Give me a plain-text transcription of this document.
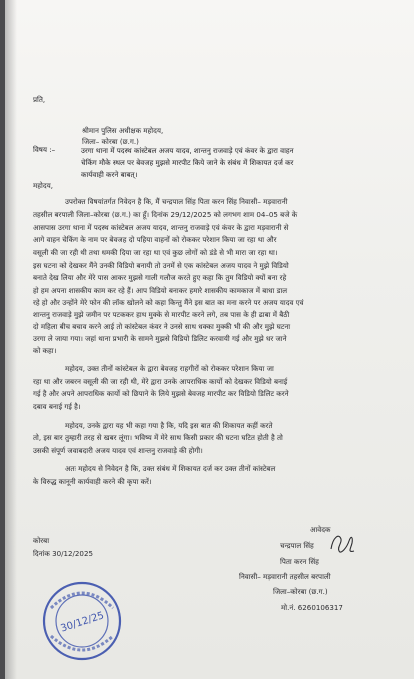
प्रति,
श्रीमान पुलिस अधीक्षक महोदय,
जिला– कोरबा (छ.ग.)
विषय :–	उरगा थाना में पदस्थ कांस्टेबल अजय यादव, शान्तनु राजवाड़े एवं कंवर के द्वारा वाहन
चेकिंग मौके स्थल पर बेवजह मुझसे मारपीट किये जाने के संबंध में शिकायत दर्ज कर
कार्यवाही करने बाबत्।
महोदय,
उपरोक्त विषयांतर्गत निवेदन है कि, मैं चन्द्रपाल सिंह पिता करन सिंह निवासी– मड़वारानी
तहसील बरपाली जिला–कोरबा (छ.ग.) का हूँ। दिनांक 29/12/2025 को लगभग शाम 04–05 बजे के
आसपास उरगा थाना में पदस्थ कांस्टेबल अजय यादव, शान्तनु राजवाड़े एवं कंवर के द्वारा मड़वारानी से
आगे वाहन चेकिंग के नाम पर बेवजह दो पहिया वाहनों को रोककर परेशान किया जा रहा था और
वसूली की जा रही थी तथा धमकी दिया जा रहा था एवं कुछ लोगों को डंडे से भी मारा जा रहा था।
इस घटना को देखकर मैंने उनकी विडियो बनायी तो उनमें से एक कांस्टेबल अजय यादव ने मुझे विडियो
बनाते देख लिया और मेरे पास आकर मुझसे गाली गलौज करते हुए कहा कि तुम विडियो क्यों बना रहे
हो हम अपना शासकीय काम कर रहे हैं। आप विडियो बनाकर हमारे शासकीय कामकाज में बाधा डाल
रहे हो और उन्होंने मेरे फोन की लॉक खोलने को कहा किन्तु मैंने इस बात का मना करने पर अजय यादव एवं
शान्तनु राजवाड़े मुझे जमीन पर पटककर हाथ मुक्के से मारपीट करने लगे, तब पास के ही ढाबा में बैठी
दो महिला बीच बचाव करने आई तो कांस्टेबल कंवर ने उनसे साथ धक्का मुक्की भी की और मुझे घटना
उरगा ले जाया गया। जहां थाना प्रभारी के सामने मुझसे विडियो डिलिट करवायी गई और मुझे धर जाने
को कहा।
महोदय, उक्त तीनों कांस्टेबल के द्वारा बेवजह राहगीरों को रोककर परेशान किया जा
रहा था और जबरन वसूली की जा रही थी, मेरे द्वारा उनके आपराधिक कार्यो को देखकर विडियो बनाई
गई है और अपने आपराधिक कार्यो को छिपाने के लिये मुझसे बेवजह मारपीट कर विडियो डिलिट करने
दबाव बनाई गई है।
महोदय, उनके द्वारा यह भी कहा गया है कि, यदि इस बात की शिकायत कहीं करते
तो, इस बार तुम्हारी तरह से खबर लूंगा। भविष्य में मेरे साथ किसी प्रकार की घटना घटित होती है तो
उसकी संपूर्ण जवाबदारी अजय यादव एवं शान्तनु राजवाड़े की होगी।
अतः महोदय से निवेदन है कि, उक्त संबंध में शिकायत दर्ज कर उक्त तीनों कांस्टेबल
के विरुद्ध कानूनी कार्यवाही करने की कृपा करें।
कोरबा
दिनांक 30/12/2025
आवेदक
चन्द्रपाल सिंह
पिता करन सिंह
निवासी– मड़वारानी तहसील बरपाली
जिला–कोरबा (छ.ग.)
मो.नं. 6260106317
30/12/25
